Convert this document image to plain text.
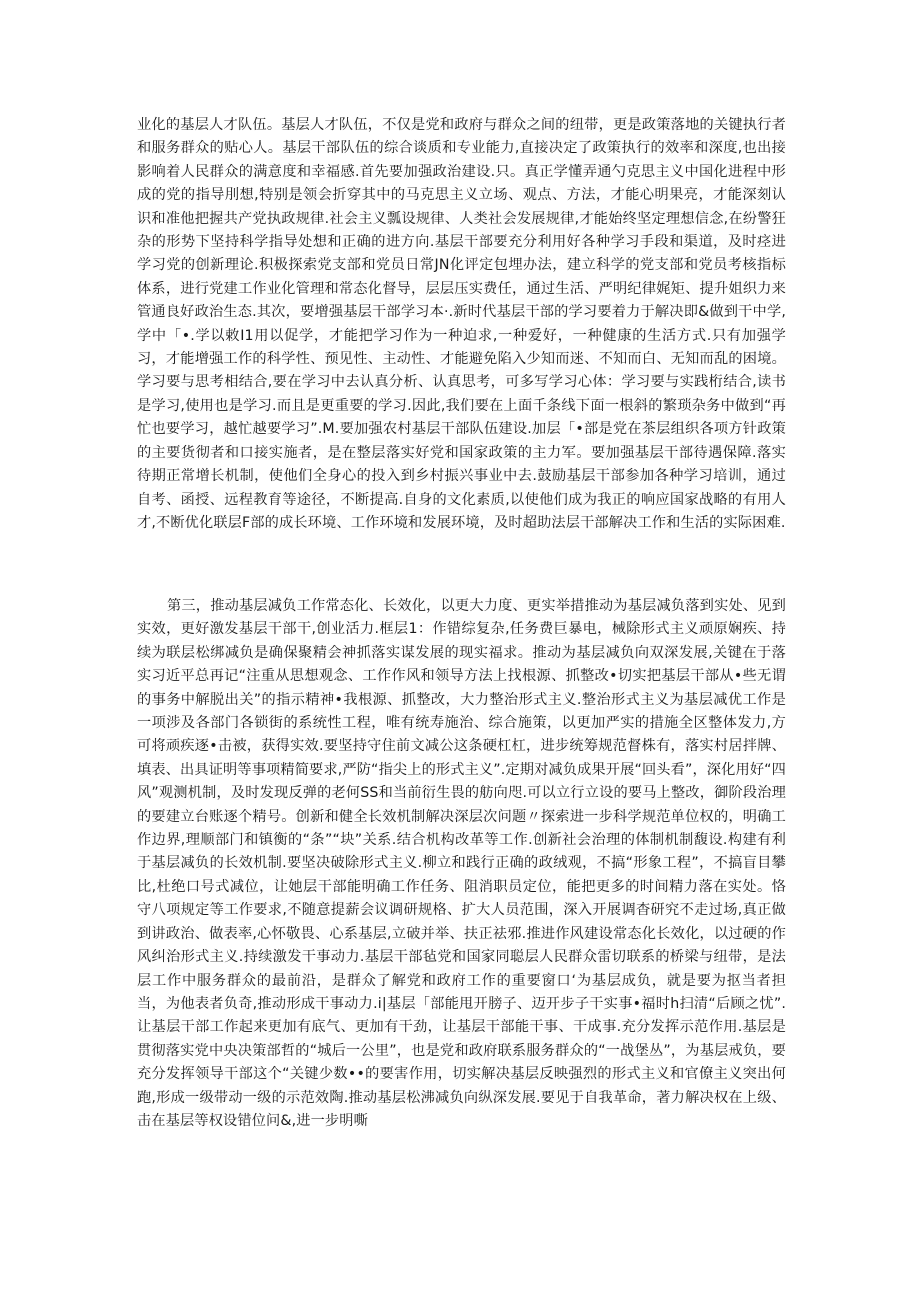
业化的基层人才队伍。基层人才队伍，不仅是党和政府与群众之间的纽带，更是政策落地的关键执行者和服务群众的贴心人。基层干部队伍的综合谈质和专业能力,直接决定了政策执行的效率和深度,也出接影响着人民群众的满意度和幸福感.首先要加强政治建设.只。真正学懂弄通勺克思主义中国化进程中形成的党的指导刖想,特别是领会折穿其中的马克思主义立场、观点、方法，才能心明果亮，才能深刻认识和准他把握共产党执政规律.社会主义瓢设规律、人类社会发展规律,才能始终坚定理想信念,在纷警狂杂的形势下坚持科学指导处想和正确的进方向.基层干部要充分利用好各种学习手段和渠道，及时痉进学习党的创新理论.积极探索党支部和党员日常JN化评定包埋办法，建立科学的党支部和党员考核指标体系，进行党建工作业化管理和常态化督导，层层压实费任，通过生活、严明纪律娓矩、提升姐织力来管通良好政治生态.其次，要增强基层干部学习本·.新时代基层干部的学习要着力于解决即&做到干中学,学中「•.学以敕I1用以促学，才能把学习作为一种迫求,一种爱好，一种健康的生活方式.只有加强学习，才能增强工作的科学性、预见性、主动性、才能避免陷入少知而迷、不知而白、无知而乱的困境。学习要与思考相结合,要在学习中去认真分析、认真思考，可多写学习心体：学习要与实践桁结合,读书是学习,使用也是学习.而且是更重要的学习.因此,我们要在上面千条线下面一根斜的繁琐杂务中做到“再忙也要学习，越忙越要学习”.M.要加强农村基层干部队伍建设.加层「•部是党在茶层组织各项方针政策的主要货彻者和口接实施者，是在整层落实好党和国家政策的主力军。要加强基层干部待遇保障.落实待期正常增长机制，使他们全身心的投入到乡村振兴事业中去.鼓励基层干部参加各种学习培训，通过自考、函授、远程教育等途径，不断提高.自身的文化素质,以使他们成为我正的响应国家战略的有用人才,不断优化联层F部的成长环境、工作环境和发展环境，及时超助法层干部解决工作和生活的实际困难.

第三，推动基层减负工作常态化、长效化，以更大力度、更实举措推动为基层减负落到实处、见到实效，更好激发基层干部干,创业活力.框层1：作错综复杂,任务费巨暴电，械除形式主义顽原娴疾、持续为联层松绑减负是确保聚精会神抓落实谋发展的现实福求。推动为基层减负向双深发展,关键在于落实习近平总再记“注重从思想观念、工作作风和领导方法上找根源、抓整改•切实把基层干部从•些无谓的事务中解脱出关”的指示精神•我根源、抓整改，大力整治形式主义.整治形式主义为基层减优工作是一项涉及各部门各锁街的系统性工程，唯有统寿施治、综合施策，以更加严实的措施全区整体发力,方可将顽疾逐•击被，获得实效.要坚持守住前文减公这条硬杠杠，进步统筹规范督株有，落实村居拌牌、填表、出具证明等事项精简要求,严防“指尖上的形式主义”.定期对减负成果开展“回头看”，深化用好“四风”观测机制，及时发现反弹的老何SS和当前衍生畏的舫向咫.可以立行立设的要马上整改，御阶段治理的要建立台账逐个精号。创新和健全长效机制解决深层次问题〃探索进一步科学规范单位权的，明确工作边界,理顺部门和镇衡的“条”“块”关系.结合机构改革等工作.创新社会治理的体制机制馥设.构建有利于基层减负的长效机制.要坚决破除形式主义.柳立和践行正确的政绒观，不搞“形象工程”，不搞盲目攀比,杜绝口号式减位，让她层干部能明确工作任务、阻消职员定位，能把更多的时间精力落在实处。恪守八项规定等工作要求,不随意提薪会议调研规格、扩大人员范围，深入开展调杳研究不走过场,真正做到讲政治、做表率,心怀敬畏、心系基层,立破并举、扶正祛邪.推进作风建设常态化长效化，以过硬的作风纠治形式主义.持续激发干事动力.基层干部毡党和国家同聪层人民群众雷切联系的桥梁与纽带，是法层工作中服务群众的最前沿，是群众了解党和政府工作的重要窗口‘为基层成负，就是要为抠当者担当，为他表者负奇,推动形成干事动力.i|基层「部能甩开膀子、迈开步子干实事•福时h扫清“后顾之忧”.让基层干部工作起来更加有底气、更加有干劲，让基层干部能干事、干成事.充分发挥示范作用.基层是贯彻落实党中央决策部哲的“城后一公里”，也是党和政府联系服务群众的“一战堡丛”，为基层戒负，要充分发挥领导干部这个“关键少数••的要害作用，切实解决基层反映强烈的形式主义和官僚主义突出何跑,形成一级带动一级的示范效陶.推动基层松沸减负向纵深发展.要见于自我革命，著力解决权在上级、击在基层等权设错位问&,进一步明嘶
